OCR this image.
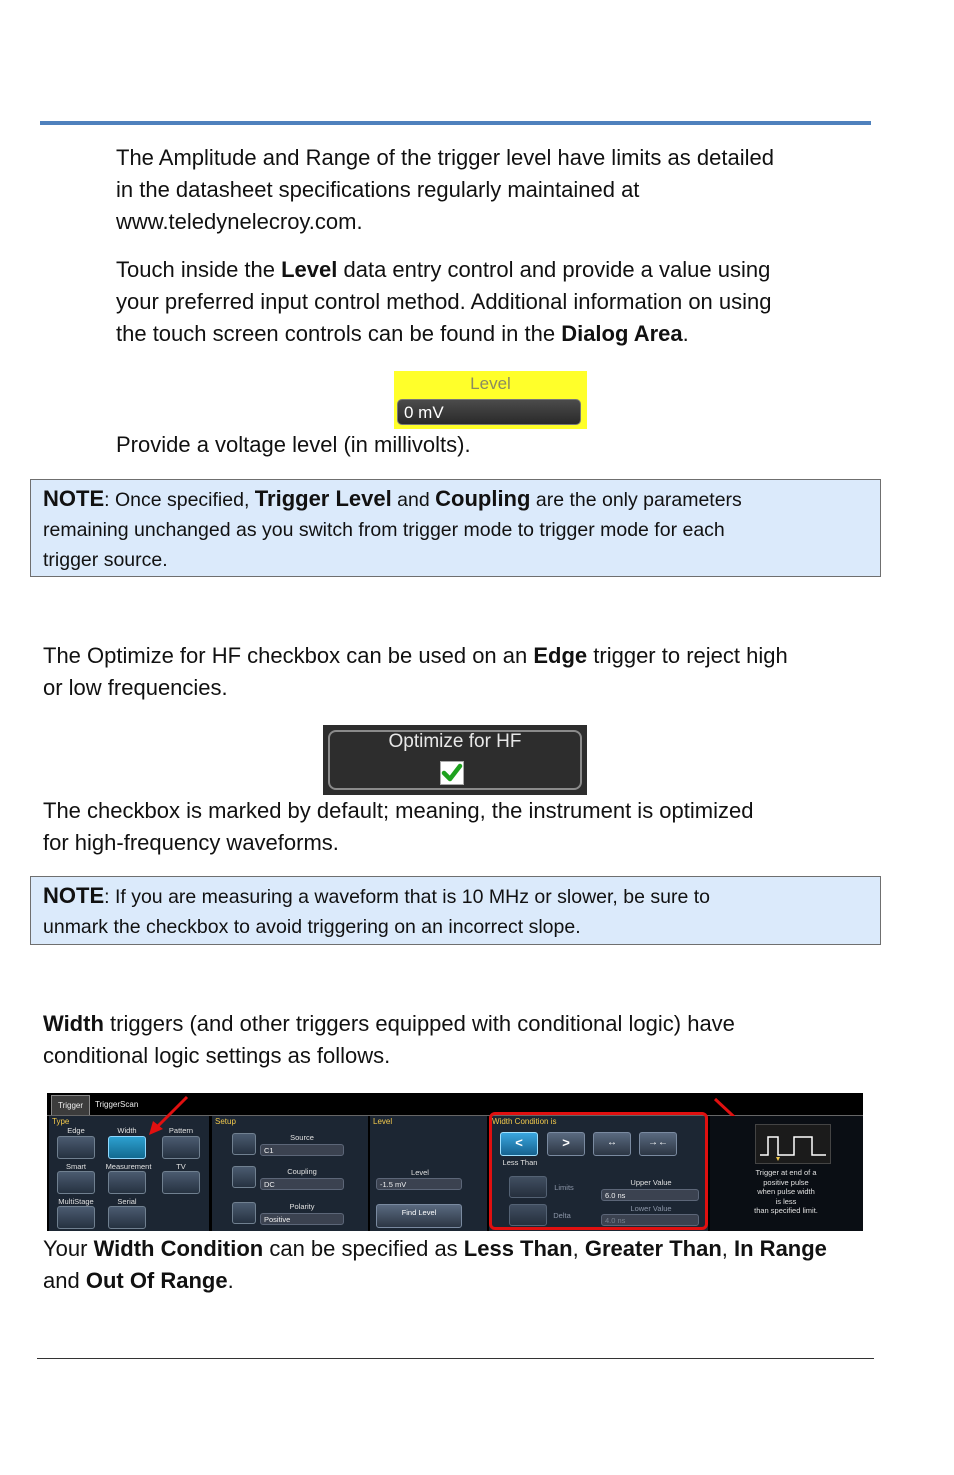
The Amplitude and Range of the trigger level have limits as detailed
in the datasheet specifications regularly maintained at
www.teledynelecroy.com.
Touch inside the Level data entry control and provide a value using
your preferred input control method. Additional information on using
the touch screen controls can be found in the Dialog Area.
Level
0 mV
Provide a voltage level (in millivolts).
NOTE: Once specified, Trigger Level and Coupling are the only parameters
remaining unchanged as you switch from trigger mode to trigger mode for each
trigger source.
The Optimize for HF checkbox can be used on an Edge trigger to reject high
or low frequencies.
Optimize for HF
The checkbox is marked by default; meaning, the instrument is optimized
for high-frequency waveforms.
NOTE: If you are measuring a waveform that is 10 MHz or slower, be sure to
unmark the checkbox to avoid triggering on an incorrect slope.
Width triggers (and other triggers equipped with conditional logic) have
conditional logic settings as follows.
Trigger	TriggerScan
Type
Edge	Width	Pattern
Smart	Measurement	TV
MultiStage	Serial
Setup
Source
C1
Coupling
DC
Polarity
Positive
Level
Level
-1.5 mV
Find Level
Width Condition is
<	>	↔	→←
Less Than
Limits
Delta
Upper Value
6.0 ns
Lower Value
4.0 ns
Trigger at end of a
positive pulse
when pulse width
is less
than specified limit.
Your Width Condition can be specified as Less Than, Greater Than, In Range
and Out Of Range.
